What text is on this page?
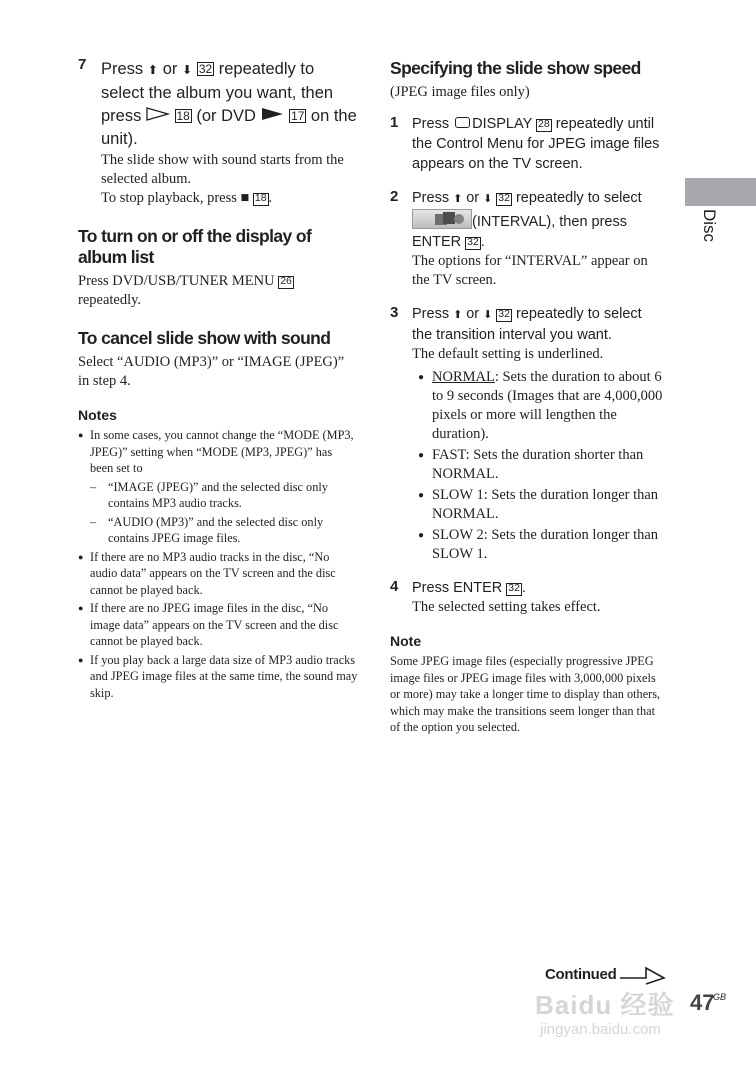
7 Press ⬆ or ⬇ 32 repeatedly to select the album you want, then press	18 (or DVD	17 on the unit).
The slide show with sound starts from the selected album.
To stop playback, press ■ 18 .
To turn on or off the display of album list
Press DVD/USB/TUNER MENU 26 repeatedly.
To cancel slide show with sound
Select “AUDIO (MP3)” or “IMAGE (JPEG)” in step 4.
Notes
● In some cases, you cannot change the “MODE (MP3, JPEG)” setting when “MODE (MP3, JPEG)” has been set to
– “IMAGE (JPEG)” and the selected disc only contains MP3 audio tracks.
– “AUDIO (MP3)” and the selected disc only contains JPEG image files.
● If there are no MP3 audio tracks in the disc, “No audio data” appears on the TV screen and the disc cannot be played back.
● If there are no JPEG image files in the disc, “No image data” appears on the TV screen and the disc cannot be played back.
● If you play back a large data size of MP3 audio tracks and JPEG image files at the same time, the sound may skip.
Specifying the slide show speed
(JPEG image files only)
1 Press DISPLAY 28 repeatedly until the Control Menu for JPEG image files appears on the TV screen.
2 Press ⬆ or ⬇ 32 repeatedly to select
(INTERVAL), then press ENTER 32 .
The options for “INTERVAL” appear on the TV screen.
3 Press ⬆ or ⬇ 32 repeatedly to select the transition interval you want.
The default setting is underlined.
● NORMAL: Sets the duration to about 6 to 9 seconds (Images that are 4,000,000 pixels or more will lengthen the duration).
● FAST: Sets the duration shorter than NORMAL.
● SLOW 1: Sets the duration longer than NORMAL.
● SLOW 2: Sets the duration longer than SLOW 1.
4 Press ENTER 32 .
The selected setting takes effect.
Note
Some JPEG image files (especially progressive JPEG image files or JPEG image files with 3,000,000 pixels or more) may take a longer time to display than others, which may make the transitions seem longer than that of the option you selected.
Disc
Continued
47
GB
Baidu 经验
jingyan.baidu.com
